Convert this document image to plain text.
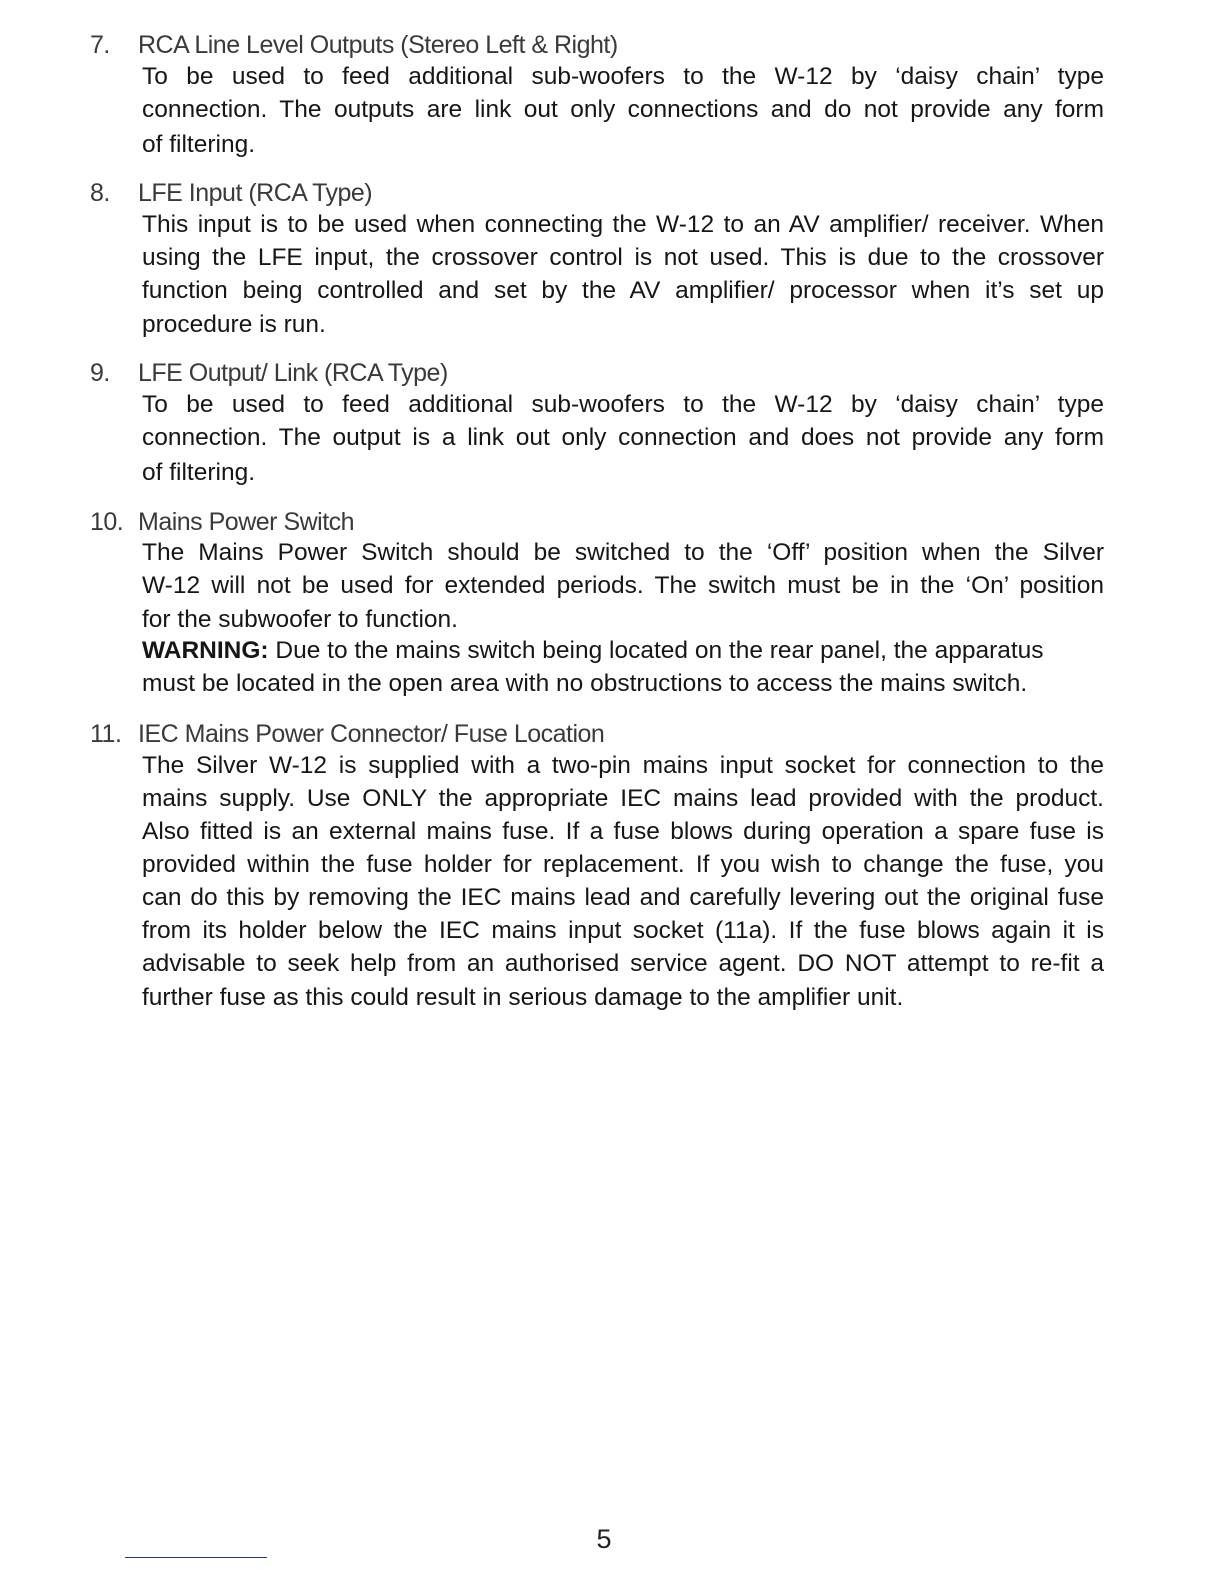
7.	RCA Line Level Outputs (Stereo Left & Right)
To be used to feed additional sub-woofers to the W-12 by ‘daisy chain’ type
connection. The outputs are link out only connections and do not provide any form
of filtering.
8.	LFE Input (RCA Type)
This input is to be used when connecting the W-12 to an AV amplifier/ receiver. When
using the LFE input, the crossover control is not used. This is due to the crossover
function being controlled and set by the AV amplifier/ processor when it’s set up
procedure is run.
9.	LFE Output/ Link (RCA Type)
To be used to feed additional sub-woofers to the W-12 by ‘daisy chain’ type
connection. The output is a link out only connection and does not provide any form
of filtering.
10. Mains Power Switch
The Mains Power Switch should be switched to the ‘Off’ position when the Silver
W-12 will not be used for extended periods. The switch must be in the ‘On’ position
for the subwoofer to function.
WARNING: Due to the mains switch being located on the rear panel, the apparatus
must be located in the open area with no obstructions to access the mains switch.
11. IEC Mains Power Connector/ Fuse Location
The Silver W-12 is supplied with a two-pin mains input socket for connection to the
mains supply. Use ONLY the appropriate IEC mains lead provided with the product.
Also fitted is an external mains fuse. If a fuse blows during operation a spare fuse is
provided within the fuse holder for replacement. If you wish to change the fuse, you
can do this by removing the IEC mains lead and carefully levering out the original fuse
from its holder below the IEC mains input socket (11a). If the fuse blows again it is
advisable to seek help from an authorised service agent. DO NOT attempt to re-fit a
further fuse as this could result in serious damage to the amplifier unit.
5
